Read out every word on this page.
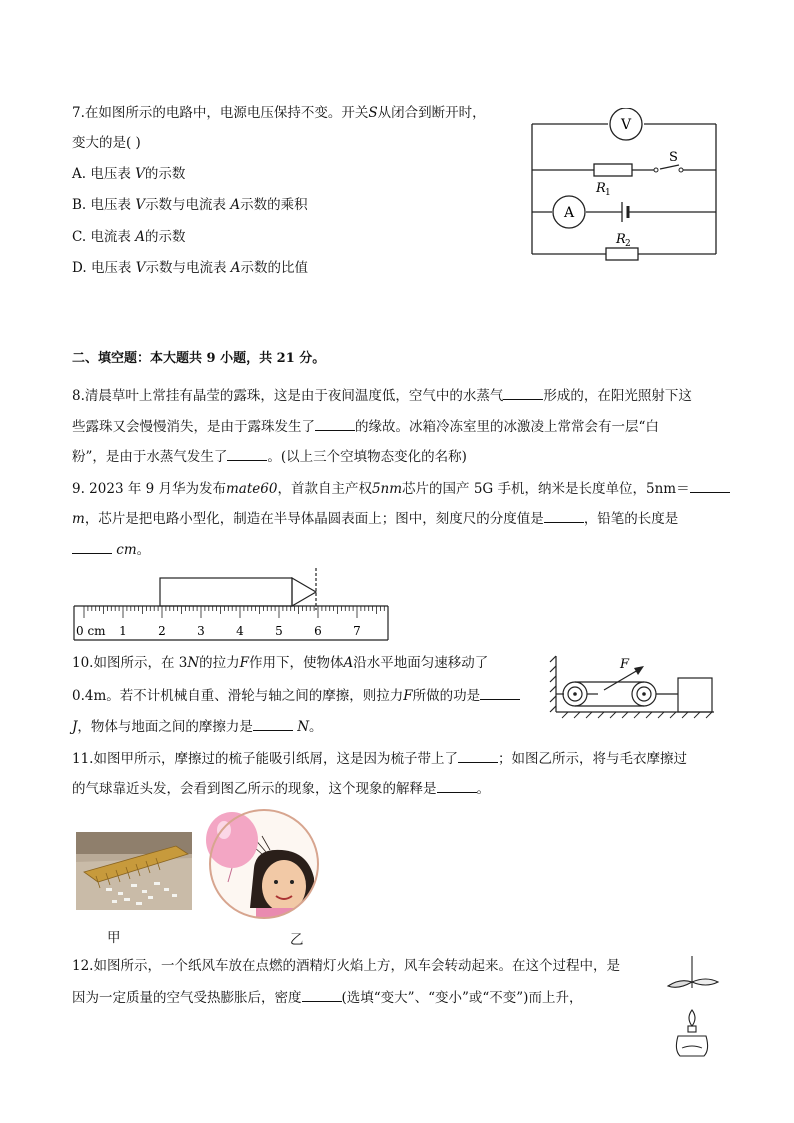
7.在如图所示的电路中，电源电压保持不变。开关S从闭合到断开时，
变大的是( )
A. 电压表 V的示数
B. 电压表 V示数与电流表 A示数的乘积
C. 电流表 A的示数
D. 电压表 V示数与电流表 A示数的比值
V
A
S
R 1
R 2
二、填空题：本大题共 9 小题，共 21 分。
8.清晨草叶上常挂有晶莹的露珠，这是由于夜间温度低，空气中的水蒸气	形成的，在阳光照射下这
些露珠又会慢慢消失，是由于露珠发生了	的缘故。冰箱冷冻室里的冰激凌上常常会有一层“白
粉”，是由于水蒸气发生了	。(以上三个空填物态变化的名称)
9. 2023 年 9 月华为发布mate60，首款自主产权5nm芯片的国产 5G 手机，纳米是长度单位，5nm＝
m，芯片是把电路小型化，制造在半导体晶圆表面上；图中，刻度尺的分度值是	，铅笔的长度是
cm。
0 cm 1	2	3	4	5	6	7
10.如图所示，在 3N的拉力F作用下，使物体A沿水平地面匀速移动了
0.4m。若不计机械自重、滑轮与轴之间的摩擦，则拉力F所做的功是
J，物体与地面之间的摩擦力是	N。
F
11.如图甲所示，摩擦过的梳子能吸引纸屑，这是因为梳子带上了	；如图乙所示，将与毛衣摩擦过
的气球靠近头发，会看到图乙所示的现象，这个现象的解释是	。
甲	乙
12.如图所示，一个纸风车放在点燃的酒精灯火焰上方，风车会转动起来。在这个过程中，是
因为一定质量的空气受热膨胀后，密度	(选填“变大”、“变小”或“不变”)而上升，
